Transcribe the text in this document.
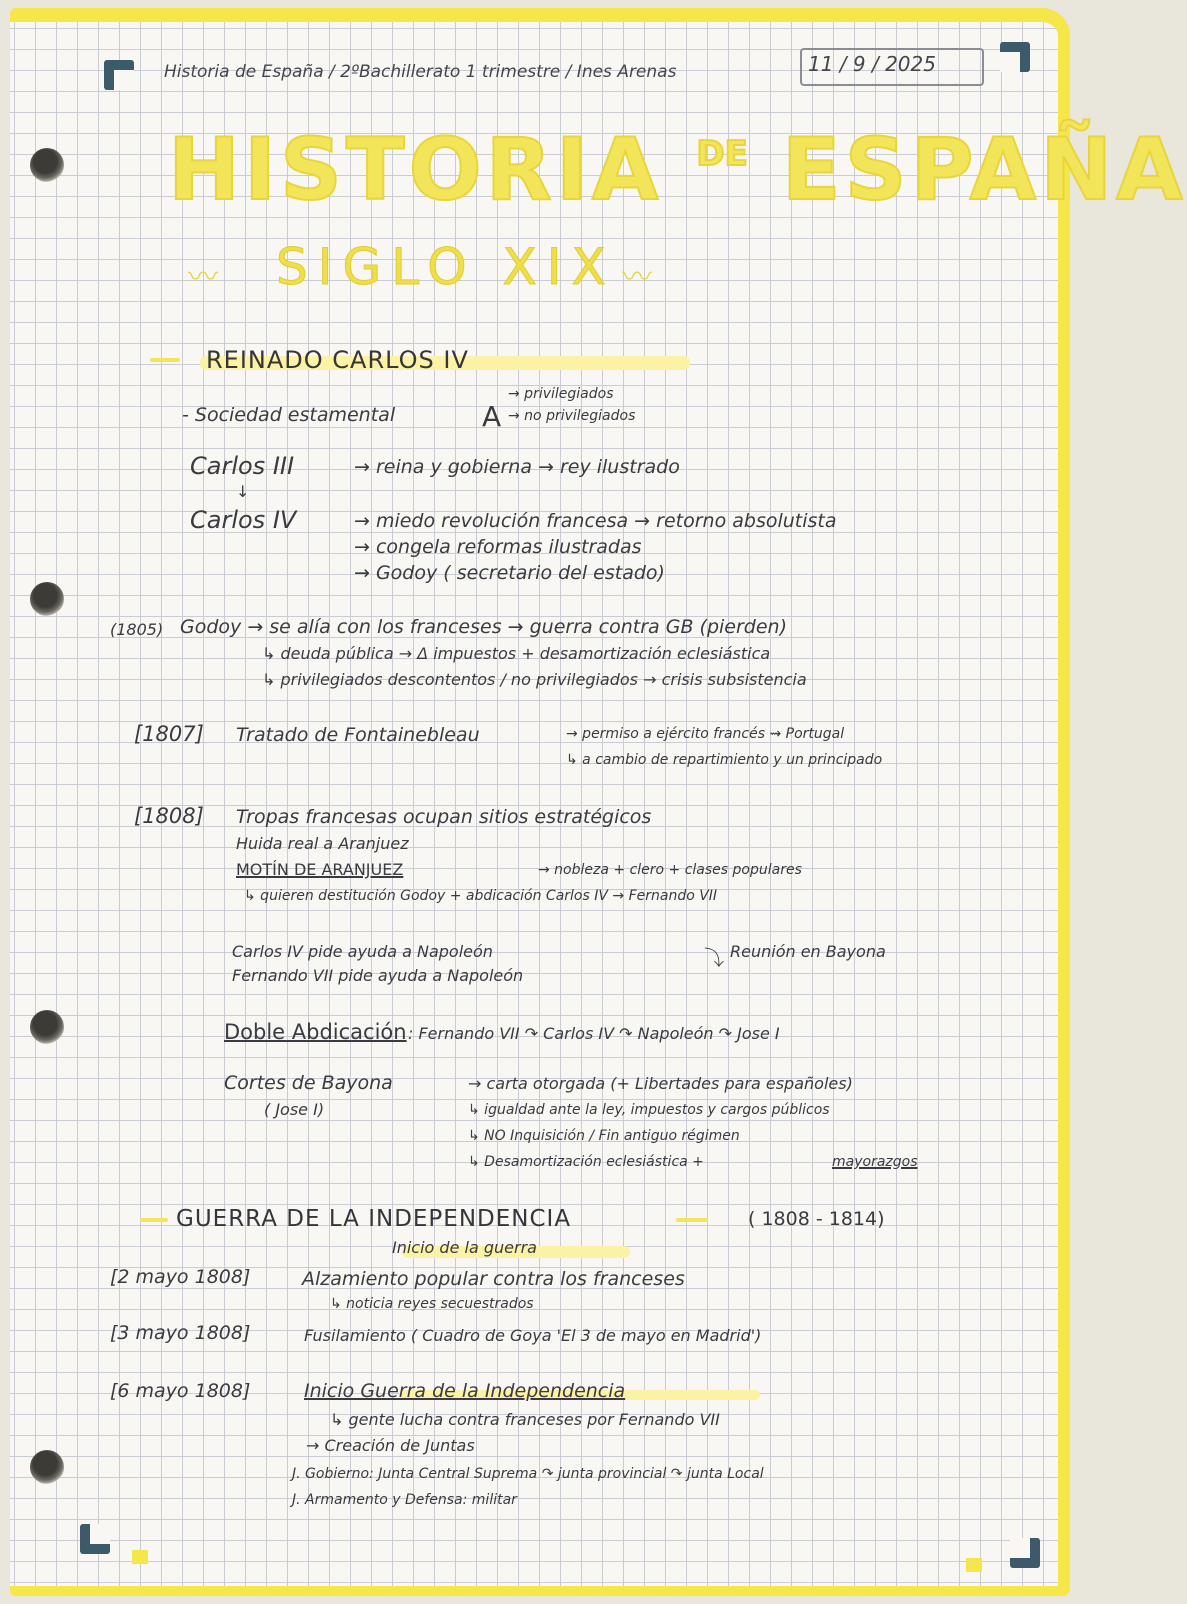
Historia de España / 2ºBachillerato 1 trimestre / Ines Arenas	11 / 9 / 2025
HISTORIA $^{DE}$ ESPAÑA
〰 SIGLO XIX 〰
REINADO CARLOS IV
- Sociedad estamental	A
→ privilegiados
→ no privilegiados
Carlos III	→ reina y gobierna → rey ilustrado
↓
Carlos IV	→ miedo revolución francesa → retorno absolutista
→ congela reformas ilustradas
→ Godoy ( secretario del estado)
(1805) Godoy → se alía con los franceses → guerra contra GB (pierden)
↳ deuda pública → Δ impuestos + desamortización eclesiástica
↳ privilegiados descontentos / no privilegiados → crisis subsistencia
[1807] Tratado de Fontainebleau	→ permiso a ejército francés ⇝ Portugal
↳ a cambio de repartimiento y un principado
[1808] Tropas francesas ocupan sitios estratégicos
Huida real a Aranjuez
MOTÍN DE ARANJUEZ	→ nobleza + clero + clases populares
↳ quieren destitución Godoy + abdicación Carlos IV → Fernando VII
Carlos IV pide ayuda a Napoleón
Fernando VII pide ayuda a Napoleón
⤵ Reunión en Bayona
Doble Abdicación : Fernando VII ↷ Carlos IV ↷ Napoleón ↷ Jose I
Cortes de Bayona
( Jose I)
→ carta otorgada (+ Libertades para españoles)
↳ igualdad ante la ley, impuestos y cargos públicos
↳ NO Inquisición / Fin antiguo régimen
↳ Desamortización eclesiástica +	mayorazgos
GUERRA DE LA INDEPENDENCIA	( 1808 - 1814)
Inicio de la guerra
[2 mayo 1808]	Alzamiento popular contra los franceses
↳ noticia reyes secuestrados
[3 mayo 1808]	Fusilamiento ( Cuadro de Goya 'El 3 de mayo en Madrid')
[6 mayo 1808]	Inicio Guerra de la Independencia
↳ gente lucha contra franceses por Fernando VII
→ Creación de Juntas
J. Gobierno: Junta Central Suprema ↷ junta provincial ↷ junta Local
J. Armamento y Defensa: militar
